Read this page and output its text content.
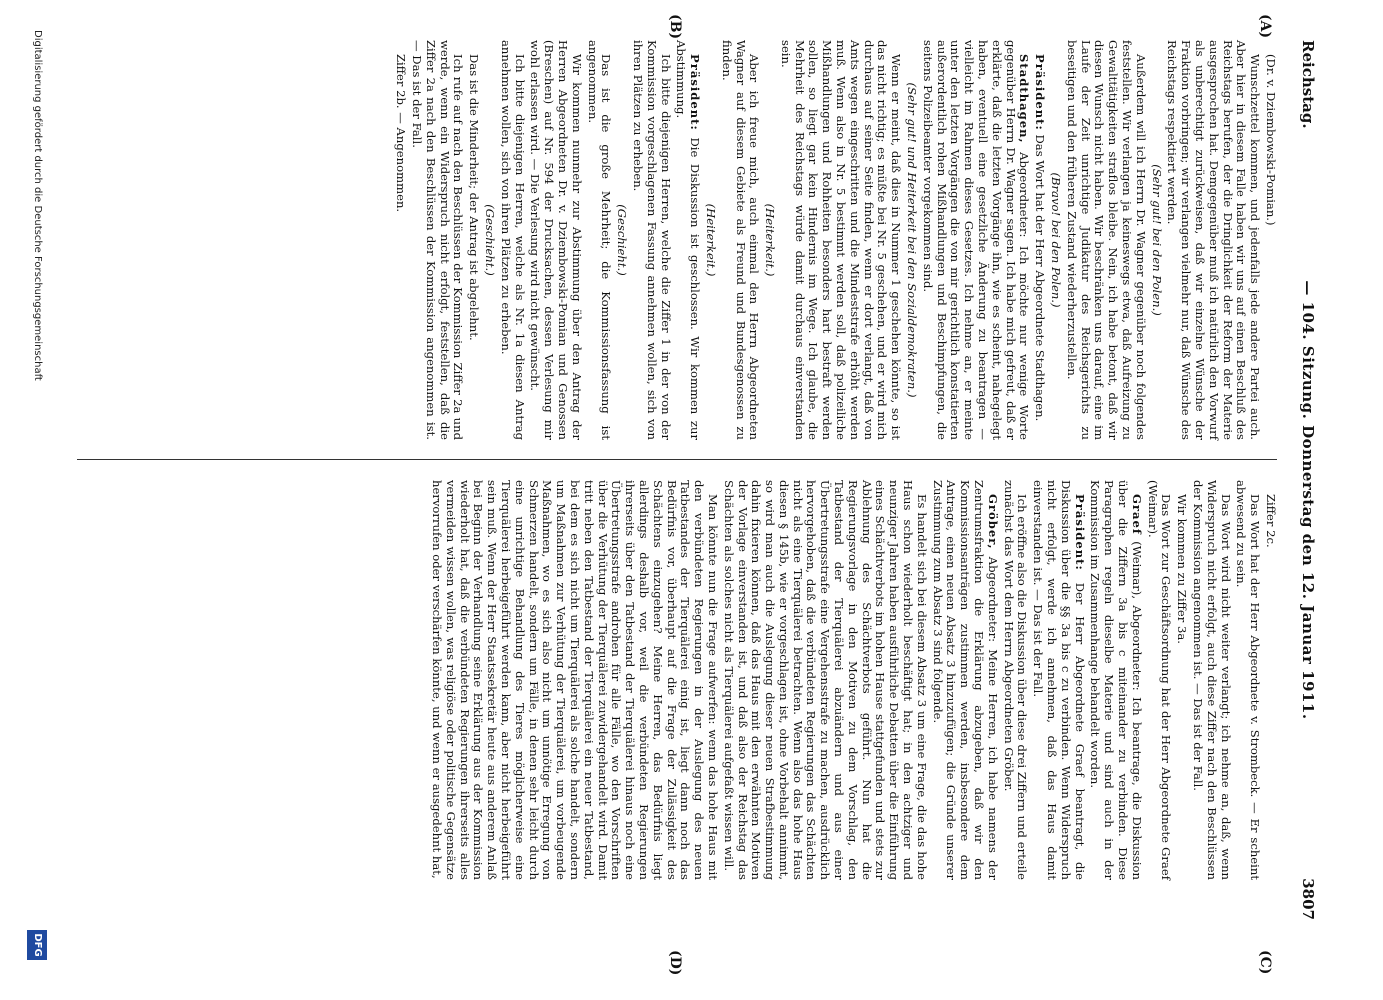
Reichstag.
— 104. Sitzung. Donnerstag den 12. Januar 1911.
3807
(A)
(B)
(C)
(D)

(Dr. v. Dziembowski-Pomian.)

Wunschzettel kommen, und jedenfalls jede andere Partei auch. Aber hier in diesem Falle haben wir uns auf einen Beschluß des Reichstags berufen, der die Dringlichkeit der Reform der Materie ausgesprochen hat. Demgegenüber muß ich natürlich den Vorwurf als unberechtigt zurückweisen, daß wir einzelne Wünsche der Fraktion vorbringen; wir verlangen vielmehr nur, daß Wünsche des Reichstags respektiert werden.

(Sehr gut! bei den Polen.)

Außerdem will ich Herrn Dr. Wagner gegenüber noch folgendes feststellen. Wir verlangen ja keineswegs etwa, daß Aufreizung zu Gewalttätigkeiten straflos bleibe. Nein, ich habe betont, daß wir diesen Wunsch nicht haben. Wir beschränken uns darauf, eine im Laufe der Zeit unrichtige Judikatur des Reichsgerichts zu beseitigen und den früheren Zustand wiederherzustellen.

(Bravo! bei den Polen.)

Präsident: Das Wort hat der Herr Abgeordnete Stadthagen.

Stadthagen, Abgeordneter: Ich möchte nur wenige Worte gegenüber Herrn Dr. Wagner sagen. Ich habe mich gefreut, daß er erklärte, daß die letzten Vorgänge ihn, wie es scheint, nahegelegt haben, eventuell eine gesetzliche Änderung zu beantragen — vielleicht im Rahmen dieses Gesetzes. Ich nehme an, er meinte unter den letzten Vorgängen die von mir gerichtlich konstatierten außerordentlich rohen Mißhandlungen und Beschimpfungen, die seitens Polizeibeamter vorgekommen sind.

(Sehr gut! und Heiterkeit bei den Sozialdemokraten.)

Wenn er meint, daß dies in Nummer 1 geschehen könnte, so ist das nicht richtig; es müßte bei Nr. 5 geschehen, und er wird mich durchaus auf seiner Seite finden, wenn er dort verlangt, daß von Amts wegen eingeschritten und die Mindeststrafe erhöht werden muß. Wenn also in Nr. 5 bestimmt werden soll, daß polizeiliche Mißhandlungen und Rohheiten besonders hart bestraft werden sollen, so liegt gar kein Hindernis im Wege. Ich glaube, die Mehrheit des Reichstags würde damit durchaus einverstanden sein.

(Heiterkeit.)

Aber ich freue mich, auch einmal den Herrn Abgeordneten Wagner auf diesem Gebiete als Freund und Bundesgenossen zu finden.

(Heiterkeit.)

Präsident: Die Diskussion ist geschlossen. Wir kommen zur Abstimmung.

Ich bitte diejenigen Herren, welche die Ziffer 1 in der von der Kommission vorgeschlagenen Fassung annehmen wollen, sich von ihren Plätzen zu erheben.

(Geschieht.)

Das ist die große Mehrheit; die Kommissionsfassung ist angenommen.

Wir kommen nunmehr zur Abstimmung über den Antrag der Herren Abgeordneten Dr. v. Dziembowski-Pomian und Genossen (Breschen) auf Nr. 594 der Drucksachen, dessen Verlesung mir wohl erlassen wird. — Die Verlesung wird nicht gewünscht.

Ich bitte diejenigen Herren, welche als Nr. 1a diesen Antrag annehmen wollen, sich von ihren Plätzen zu erheben.

(Geschieht.)

Das ist die Minderheit; der Antrag ist abgelehnt.

Ich rufe auf nach den Beschlüssen der Kommission Ziffer 2a und werde, wenn ein Widerspruch nicht erfolgt, feststellen, daß die Ziffer 2a nach den Beschlüssen der Kommission angenommen ist. — Das ist der Fall.

Ziffer 2b. — Angenommen.

Ziffer 2c.

Das Wort hat der Herr Abgeordnete v. Strombeck. — Er scheint abwesend zu sein.

Das Wort wird nicht weiter verlangt; ich nehme an, daß, wenn Widerspruch nicht erfolgt, auch diese Ziffer nach den Beschlüssen der Kommission angenommen ist. — Das ist der Fall.

Wir kommen zu Ziffer 3a.

Das Wort zur Geschäftsordnung hat der Herr Abgeordnete Graef (Weimar).

Graef (Weimar), Abgeordneter: Ich beantrage, die Diskussion über die Ziffern 3a bis c miteinander zu verbinden. Diese Paragraphen regeln dieselbe Materie und sind auch in der Kommission im Zusammenhange behandelt worden.

Präsident: Der Herr Abgeordnete Graef beantragt, die Diskussion über die §§ 3a bis c zu verbinden. Wenn Widerspruch nicht erfolgt, werde ich annehmen, daß das Haus damit einverstanden ist. — Das ist der Fall.

Ich eröffne also die Diskussion über diese drei Ziffern und erteile zunächst das Wort dem Herrn Abgeordneten Gröber.

Gröber, Abgeordneter: Meine Herren, ich habe namens der Zentrumsfraktion die Erklärung abzugeben, daß wir den Kommissionsanträgen zustimmen werden, insbesondere dem Antrage, einen neuen Absatz 3 hinzuzufügen; die Gründe unserer Zustimmung zum Absatz 3 sind folgende.

Es handelt sich bei diesem Absatz 3 um eine Frage, die das hohe Haus schon wiederholt beschäftigt hat; in den achtziger und neunziger Jahren haben ausführliche Debatten über die Einführung eines Schächtverbots im hohen Hause stattgefunden und stets zur Ablehnung des Schächtverbots geführt. Nun hat die Regierungsvorlage in den Motiven zu dem Vorschlag, den Tatbestand der Tierquälerei abzuändern und aus einer Übertretungsstrafe eine Vergehensstrafe zu machen, ausdrücklich hervorgehoben, daß die verbündeten Regierungen das Schächten nicht als eine Tierquälerei betrachten. Wenn also das hohe Haus diesen § 145b, wie er vorgeschlagen ist, ohne Vorbehalt annimmt, so wird man auch die Auslegung dieser neuen Strafbestimmung dahin fixieren können, daß das Haus mit den erwähnten Motiven der Vorlage einverstanden ist, und daß also der Reichstag das Schächten als solches nicht als Tierquälerei aufgefaßt wissen will.

Man könnte nun die Frage aufwerfen: wenn das hohe Haus mit den verbündeten Regierungen in der Auslegung des neuen Tatbestandes der Tierquälerei einig ist, liegt dann noch das Bedürfnis vor, überhaupt auf die Frage der Zulässigkeit des Schächtens einzugehen? Meine Herren, das Bedürfnis liegt allerdings deshalb vor, weil die verbündeten Regierungen ihrerseits über den Tatbestand der Tierquälerei hinaus noch eine Übertretungsstrafe androhen für alle Fälle, wo den Vorschriften über die Verhütung der Tierquälerei zuwidergehandelt wird. Damit tritt neben den Tatbestand der Tierquälerei ein neuer Tatbestand, bei dem es sich nicht um Tierquälerei als solche handelt, sondern um Maßnahmen zur Verhütung der Tierquälerei, um vorbeugende Maßnahmen, wo es sich also nicht um unnötige Erregung von Schmerzen handelt, sondern um Fälle, in denen sehr leicht durch eine unrichtige Behandlung des Tieres möglicherweise eine Tierquälerei herbeigeführt werden kann, aber nicht herbeigeführt sein muß. Wenn der Herr Staatssekretär heute aus anderem Anlaß bei Beginn der Verhandlung seine Erklärung aus der Kommission wiederholt hat, daß die verbündeten Regierungen ihrerseits alles vermeiden wissen wollen, was religiöse oder politische Gegensätze hervorrufen oder verschärfen könnte, und wenn er ausgedehnt hat,

Digitalisierung gefördert durch die Deutsche Forschungsgemeinschaft
DFG
